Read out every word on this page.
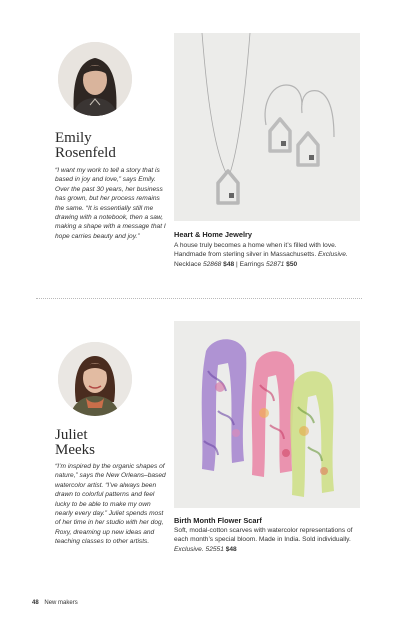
Emily
Rosenfeld
“I want my work to tell a story that is based in joy and love,” says Emily. Over the past 30 years, her business has grown, but her process remains the same. “It is essentially still me drawing with a notebook, then a saw, making a shape with a message that I hope carries beauty and joy.”	Heart & Home Jewelry
A house truly becomes a home when it’s filled with love. Handmade from sterling silver in Massachusetts. Exclusive. Necklace 52868 $48 | Earrings 52871 $50
Juliet
Meeks
“I’m inspired by the organic shapes of nature,” says the New Orleans–based watercolor artist. “I’ve always been drawn to colorful patterns and feel lucky to be able to make my own nearly every day.” Juliet spends most of her time in her studio with her dog, Roxy, dreaming up new ideas and teaching classes to other artists.
Birth Month Flower Scarf
Soft, modal-cotton scarves with watercolor representations of each month’s special bloom. Made in India. Sold individually. Exclusive. 52551 $48
48 New makers
